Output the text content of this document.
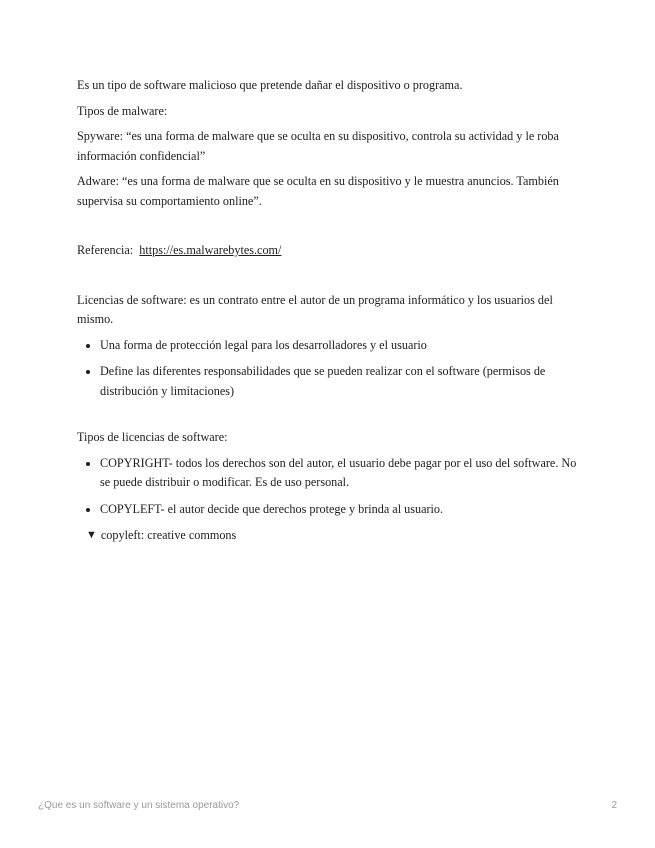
Es un tipo de software malicioso que pretende dañar el dispositivo o programa.

Tipos de malware:

Spyware: “es una forma de malware que se oculta en su dispositivo, controla su actividad y le roba información confidencial”

Adware: “es una forma de malware que se oculta en su dispositivo y le muestra anuncios. También supervisa su comportamiento online”.

Referencia: https://es.malwarebytes.com/

Licencias de software: es un contrato entre el autor de un programa informático y los usuarios del mismo.

Una forma de protección legal para los desarrolladores y el usuario
Define las diferentes responsabilidades que se pueden realizar con el software (permisos de distribución y limitaciones)

Tipos de licencias de software:

COPYRIGHT- todos los derechos son del autor, el usuario debe pagar por el uso del software. No se puede distribuir o modificar. Es de uso personal.
COPYLEFT- el autor decide que derechos protege y brinda al usuario.
▼ copyleft: creative commons
¿Que es un software y un sistema operativo?	2
